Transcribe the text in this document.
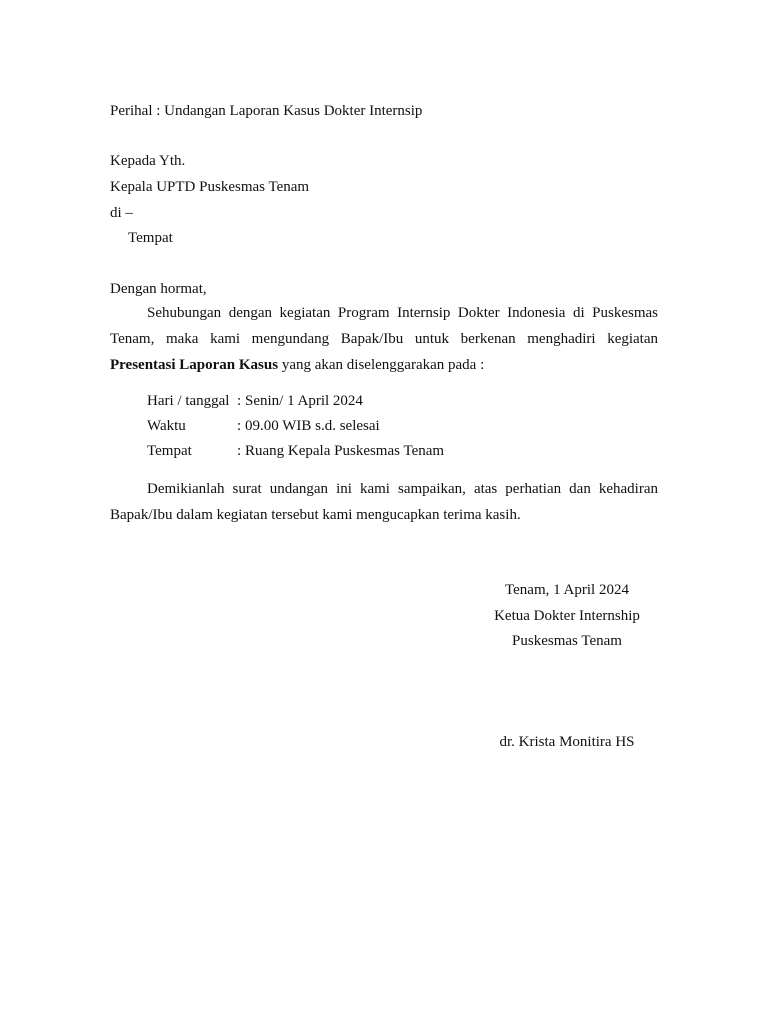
Perihal : Undangan Laporan Kasus Dokter Internsip
Kepada Yth.
Kepala UPTD Puskesmas Tenam
di –
Tempat
Dengan hormat,

Sehubungan dengan kegiatan Program Internsip Dokter Indonesia di Puskesmas Tenam, maka kami mengundang Bapak/Ibu untuk berkenan menghadiri kegiatan Presentasi Laporan Kasus yang akan diselenggarakan pada :

Hari / tanggal : Senin/ 1 April 2024
Waktu	: 09.00 WIB s.d. selesai
Tempat	: Ruang Kepala Puskesmas Tenam

Demikianlah surat undangan ini kami sampaikan, atas perhatian dan kehadiran Bapak/Ibu dalam kegiatan tersebut kami mengucapkan terima kasih.

Tenam, 1 April 2024
Ketua Dokter Internship
Puskesmas Tenam
dr. Krista Monitira HS
